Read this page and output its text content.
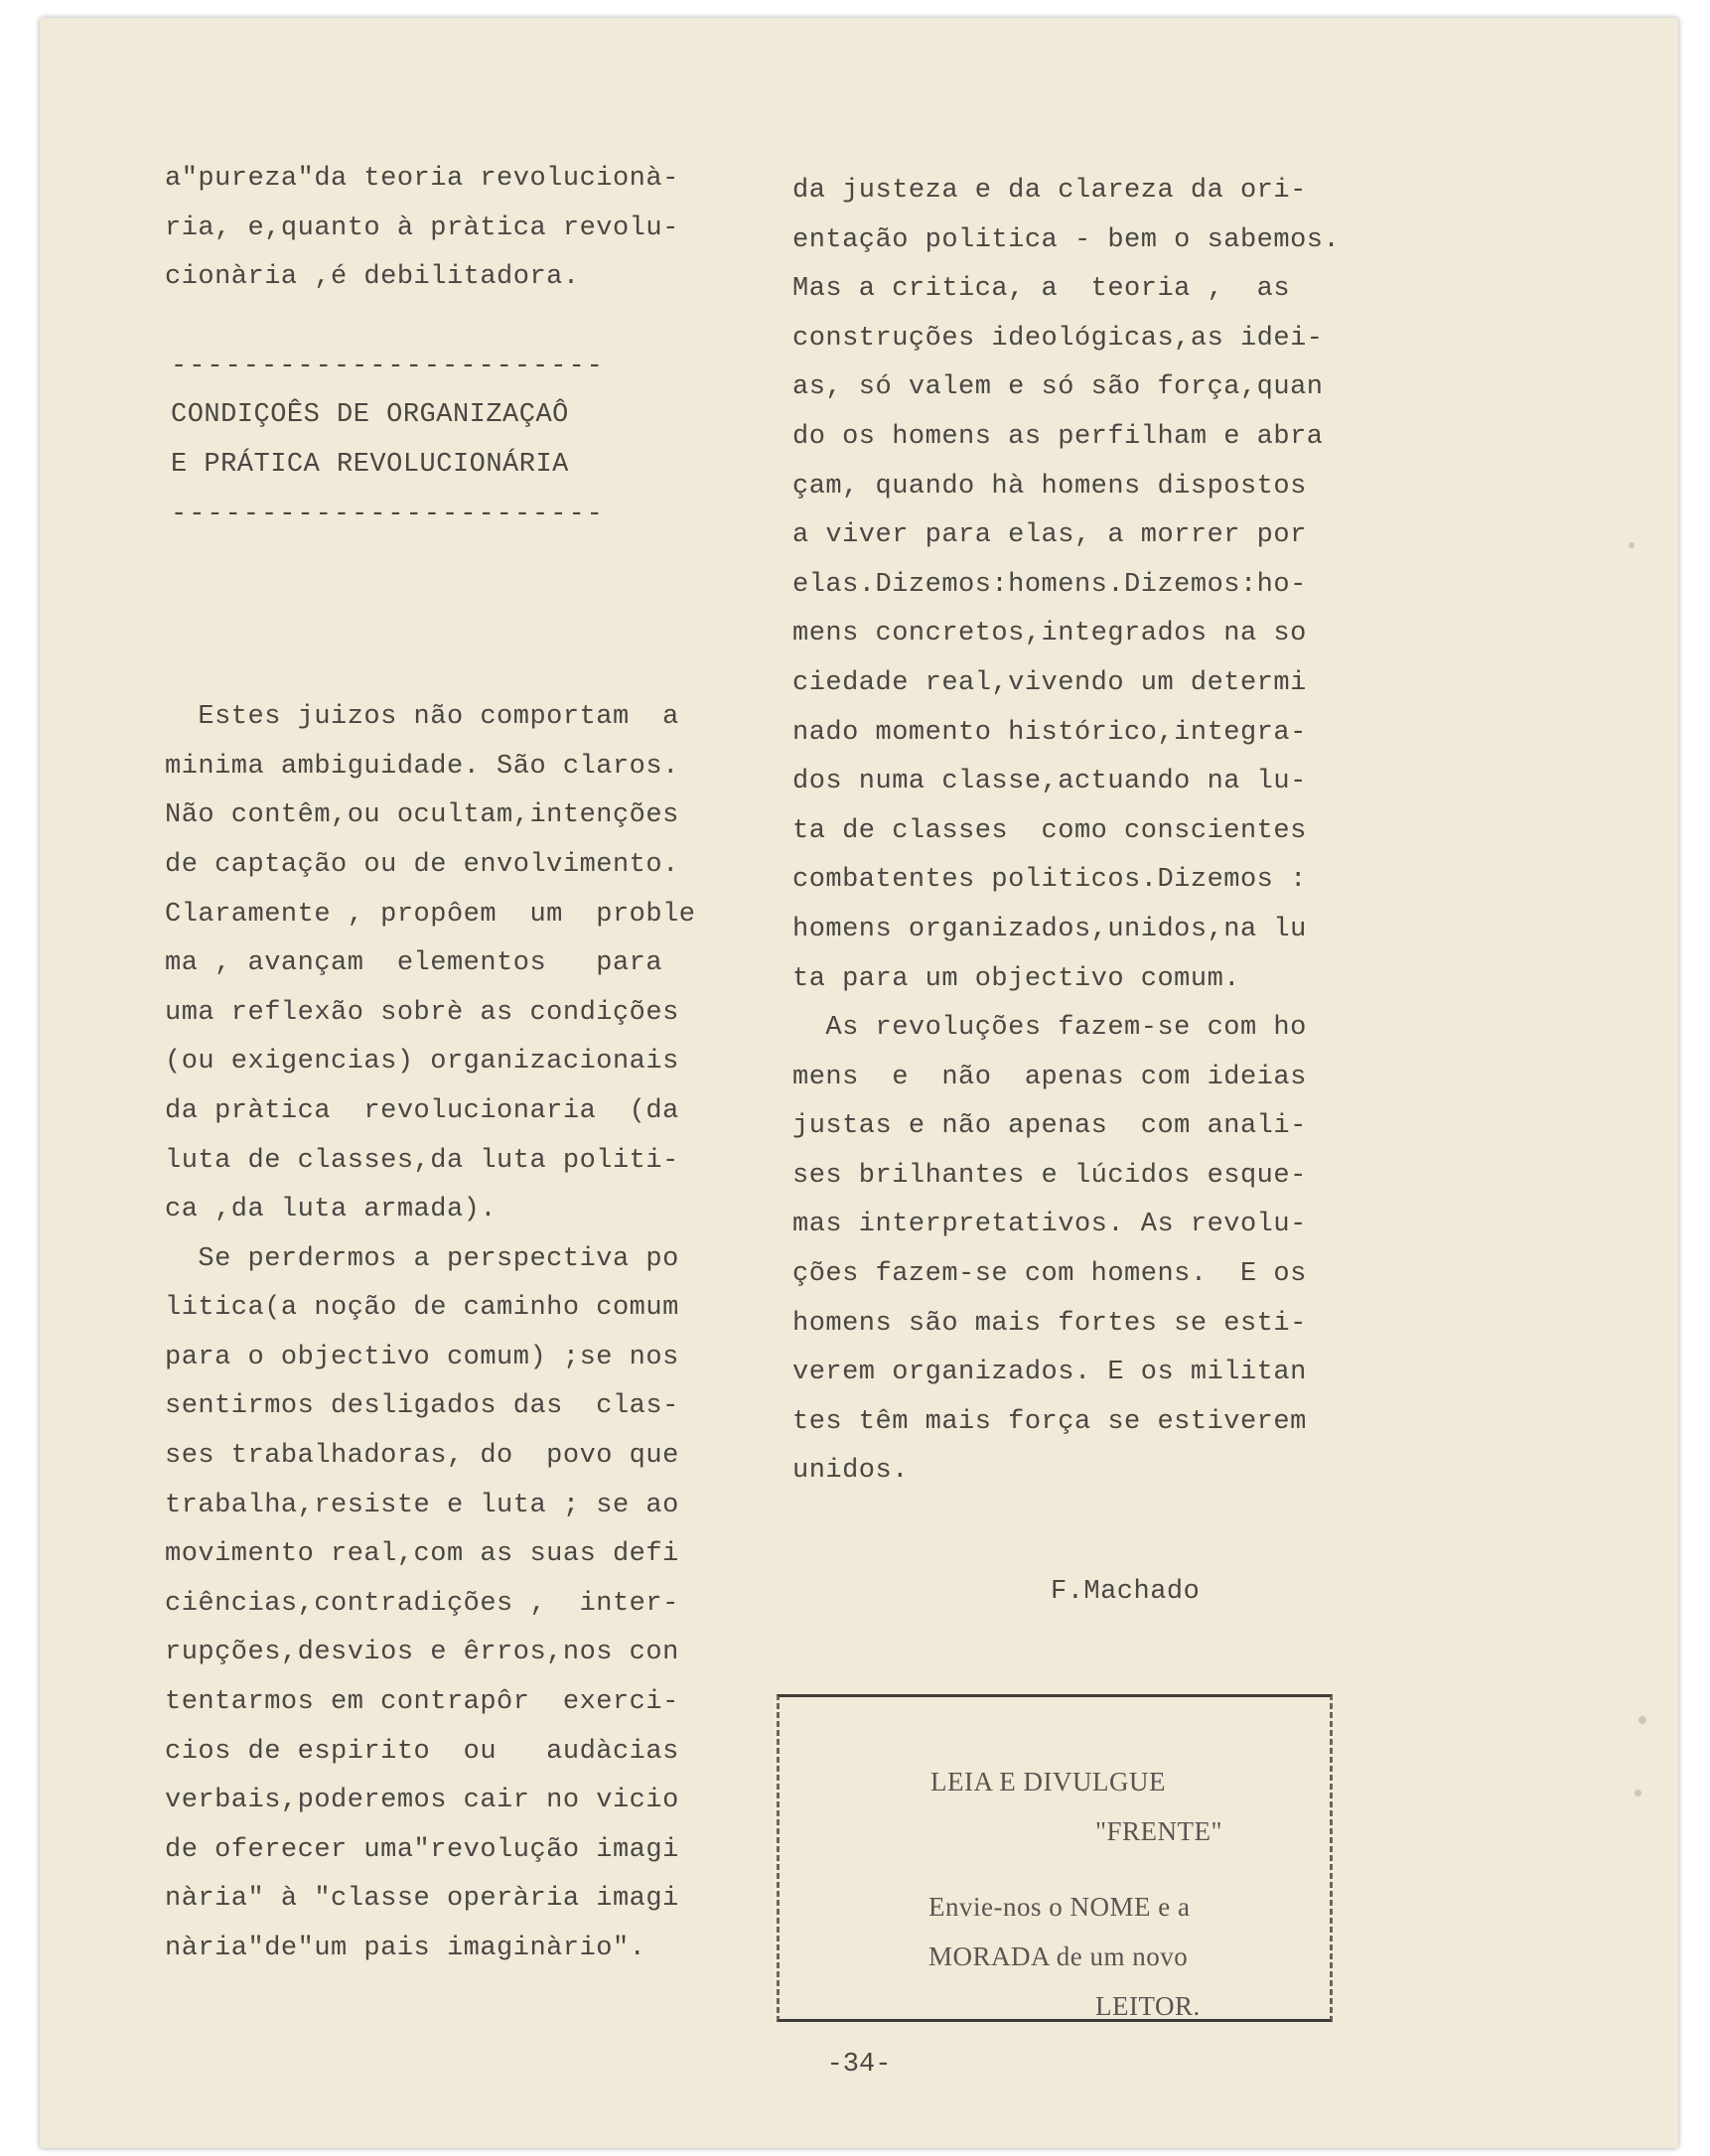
a"pureza"da teoria revolucionà-
ria, e,quanto à pràtica revolu-
cionària ,é debilitadora.
------------------------
CONDIÇOÊS DE ORGANIZAÇAÔ
E PRÁTICA REVOLUCIONÁRIA
------------------------
Estes juizos não comportam  a
minima ambiguidade. São claros.
Não contêm,ou ocultam,intenções
de captação ou de envolvimento.
Claramente , propôem  um  proble
ma , avançam  elementos   para
uma reflexão sobrè as condições
(ou exigencias) organizacionais
da pràtica  revolucionaria  (da
luta de classes,da luta politi-
ca ,da luta armada).
Se perdermos a perspectiva po
litica(a noção de caminho comum
para o objectivo comum) ;se nos
sentirmos desligados das  clas-
ses trabalhadoras, do  povo que
trabalha,resiste e luta ; se ao
movimento real,com as suas defi
ciências,contradições ,  inter-
rupções,desvios e êrros,nos con
tentarmos em contrapôr  exerci-
cios de espirito  ou   audàcias
verbais,poderemos cair no vicio
de oferecer uma"revolução imagi
nària" à "classe operària imagi
nària"de"um pais imaginàrio".
da justeza e da clareza da ori-
entação politica - bem o sabemos.
Mas a critica, a  teoria ,  as
construções ideológicas,as idei-
as, só valem e só são força,quan
do os homens as perfilham e abra
çam, quando hà homens dispostos
a viver para elas, a morrer por
elas.Dizemos:homens.Dizemos:ho-
mens concretos,integrados na so
ciedade real,vivendo um determi
nado momento histórico,integra-
dos numa classe,actuando na lu-
ta de classes  como conscientes
combatentes politicos.Dizemos :
homens organizados,unidos,na lu
ta para um objectivo comum.
As revoluções fazem-se com ho
mens  e  não  apenas com ideias
justas e não apenas  com anali-
ses brilhantes e lúcidos esque-
mas interpretativos. As revolu-
ções fazem-se com homens.  E os
homens são mais fortes se esti-
verem organizados. E os militan
tes têm mais força se estiverem
unidos.
F.Machado
LEIA E DIVULGUE
"FRENTE"
Envie-nos o NOME e a
MORADA de um novo
LEITOR.
-34-
